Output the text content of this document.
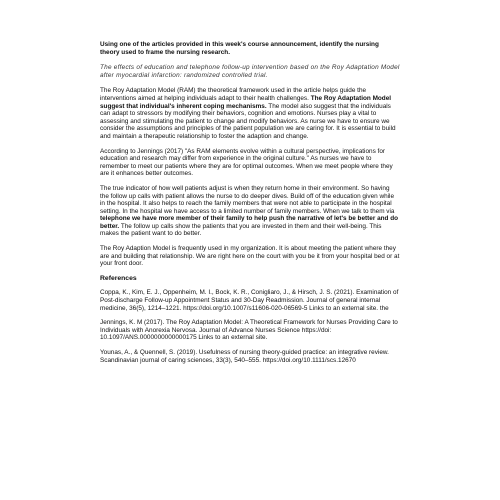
Using one of the articles provided in this week's course announcement, identify the nursing theory used to frame the nursing research.

The effects of education and telephone follow-up intervention based on the Roy Adaptation Model after myocardial infarction: randomized controlled trial.

The Roy Adaptation Model (RAM) the theoretical framework used in the article helps guide the interventions aimed at helping individuals adapt to their health challenges. The Roy Adaptation Model suggest that individual's inherent coping mechanisms. The model also suggest that the individuals can adapt to stressors by modifying their behaviors, cognition and emotions. Nurses play a vital to assessing and stimulating the patient to change and modify behaviors. As nurse we have to ensure we consider the assumptions and principles of the patient population we are caring for. It is essential to build and maintain a therapeutic relationship to foster the adaption and change.

According to Jennings (2017) "As RAM elements evolve within a cultural perspective, implications for education and research may differ from experience in the original culture." As nurses we have to remember to meet our patients where they are for optimal outcomes. When we meet people where they are it enhances better outcomes.

The true indicator of how well patients adjust is when they return home in their environment. So having the follow up calls with patient allows the nurse to do deeper dives. Build off of the education given while in the hospital. It also helps to reach the family members that were not able to participate in the hospital setting. In the hospital we have access to a limited number of family members. When we talk to them via telephone we have more member of their family to help push the narrative of let's be better and do better. The follow up calls show the patients that you are invested in them and their well-being. This makes the patient want to do better.

The Roy Adaption Model is frequently used in my organization. It is about meeting the patient where they are and building that relationship. We are right here on the court with you be it from your hospital bed or at your front door.

References

Coppa, K., Kim, E. J., Oppenheim, M. I., Bock, K. R., Conigliaro, J., & Hirsch, J. S. (2021). Examination of Post-discharge Follow-up Appointment Status and 30-Day Readmission. Journal of general internal medicine, 36(5), 1214–1221. https://doi.org/10.1007/s11606-020-06569-5 Links to an external site. the

Jennings, K. M (2017). The Roy Adaptation Model: A Theoretical Framework for Nurses Providing Care to Individuals with Anorexia Nervosa. Journal of Advance Nurses Science https://doi: 10.1097/ANS.0000000000000175 Links to an external site.

Younas, A., & Quennell, S. (2019). Usefulness of nursing theory-guided practice: an integrative review. Scandinavian journal of caring sciences, 33(3), 540–555. https://doi.org/10.1111/scs.12670
